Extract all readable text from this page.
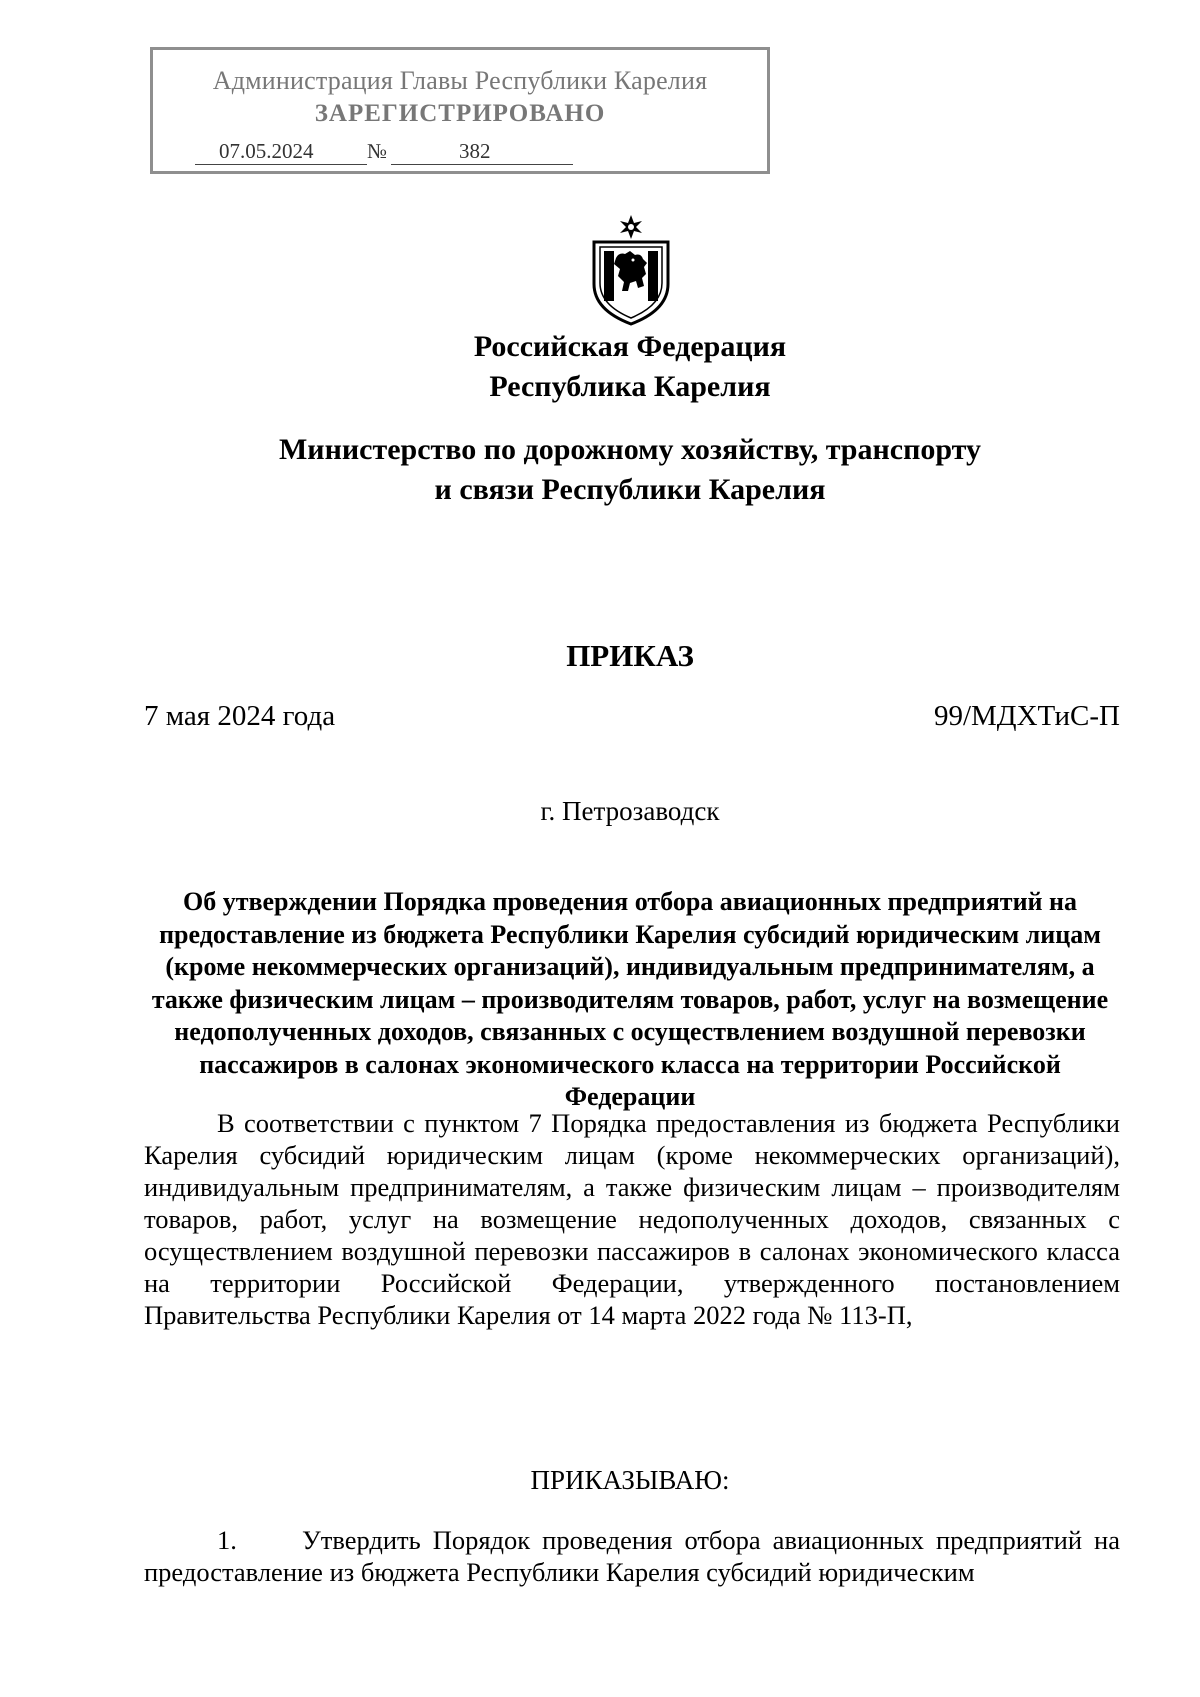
Администрация Главы Республики Карелия
ЗАРЕГИСТРИРОВАНО
07.05.2024	№	382
Российская Федерация
Республика Карелия
Министерство по дорожному хозяйству, транспорту
и связи Республики Карелия
ПРИКАЗ
7 мая 2024 года	99/МДХТиС-П
г. Петрозаводск
Об утверждении Порядка проведения отбора авиационных предприятий на предоставление из бюджета Республики Карелия субсидий юридическим лицам (кроме некоммерческих организаций), индивидуальным предпринимателям, а также физическим лицам – производителям товаров, работ, услуг на возмещение недополученных доходов, связанных с осуществлением воздушной перевозки пассажиров в салонах экономического класса на территории Российской Федерации
В соответствии с пунктом 7 Порядка предоставления из бюджета Республики Карелия субсидий юридическим лицам (кроме некоммерческих организаций), индивидуальным предпринимателям, а также физическим лицам – производителям товаров, работ, услуг на возмещение недополученных доходов, связанных с осуществлением воздушной перевозки пассажиров в салонах экономического класса на территории Российской Федерации, утвержденного постановлением Правительства Республики Карелия от 14 марта 2022 года № 113-П,
ПРИКАЗЫВАЮ:
1. Утвердить Порядок проведения отбора авиационных предприятий на предоставление из бюджета Республики Карелия субсидий юридическим
